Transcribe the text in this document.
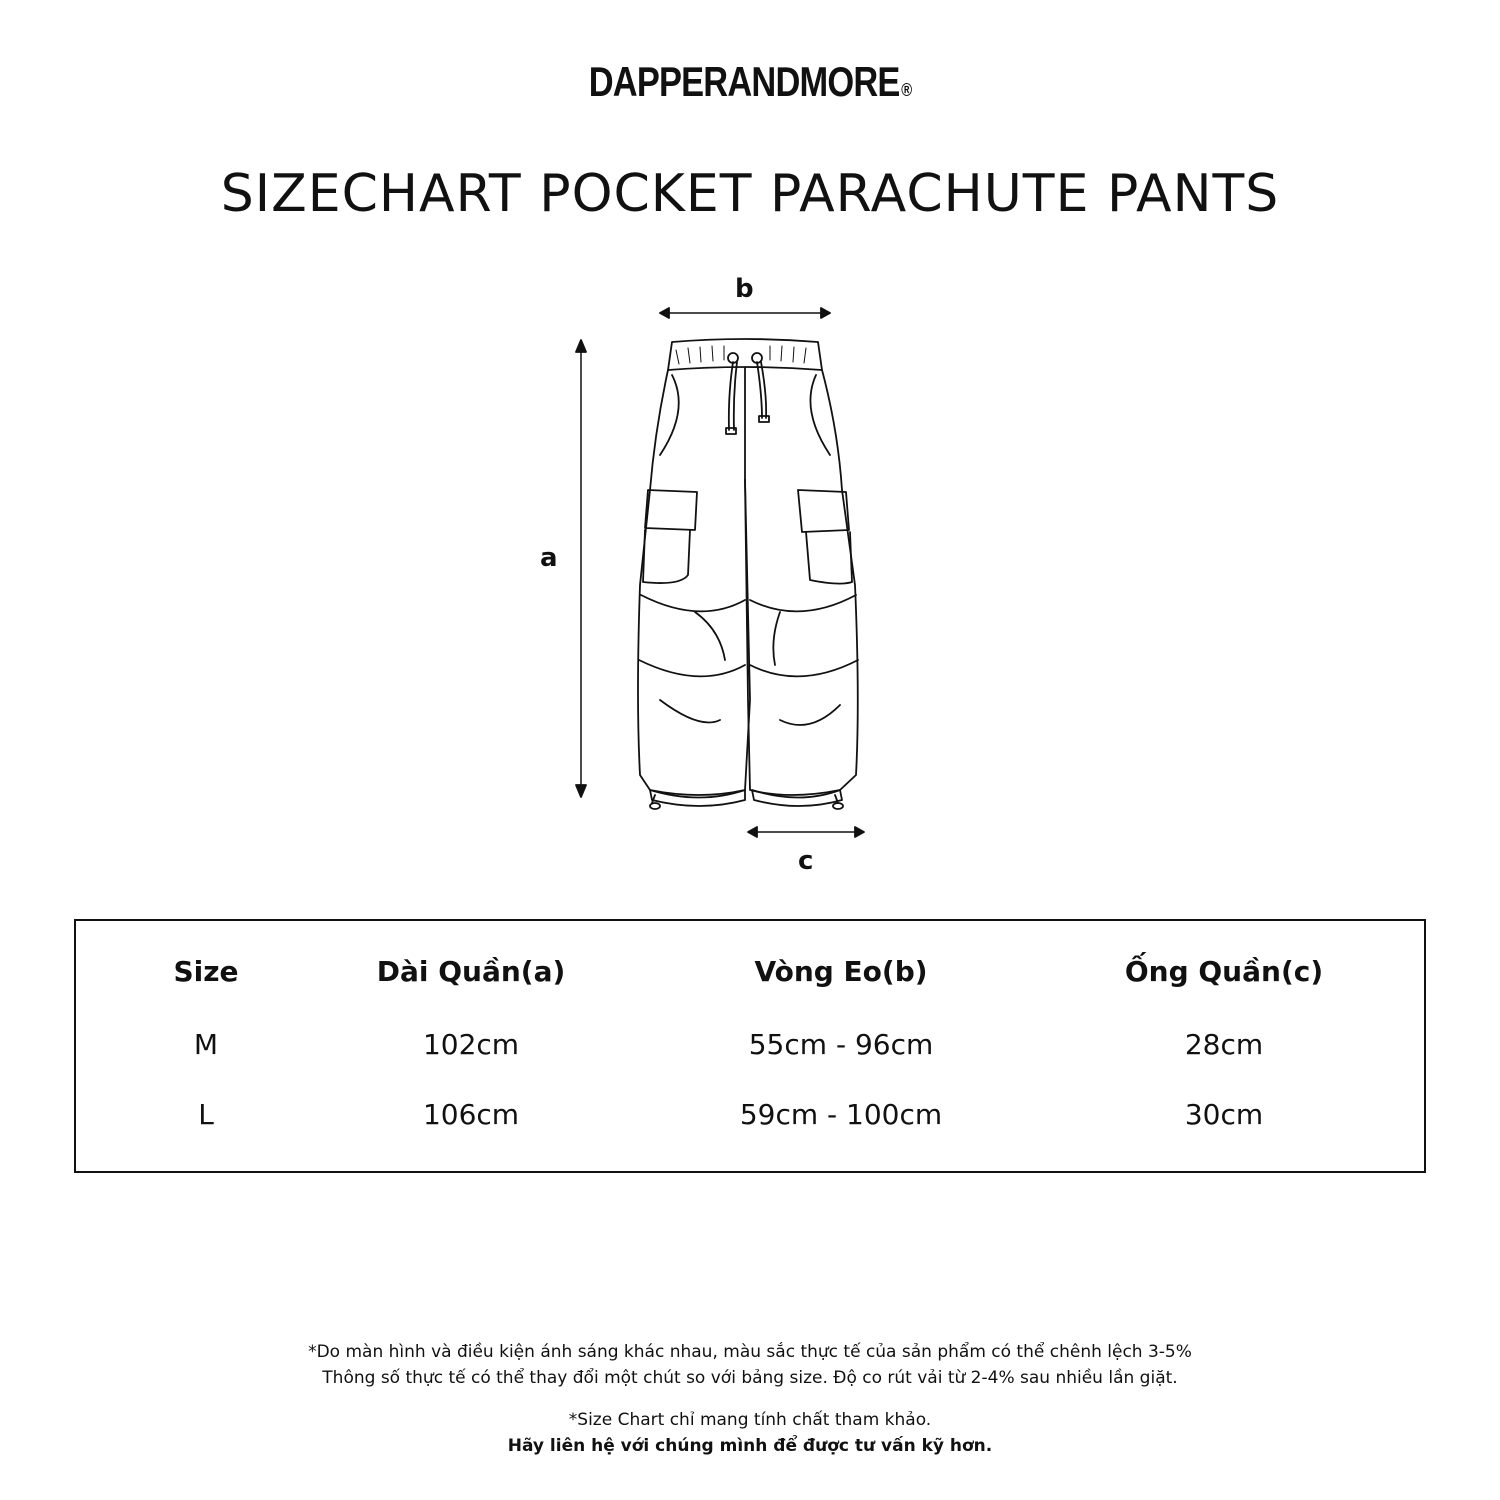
DAPPERANDMORE®
SIZECHART POCKET PARACHUTE PANTS
b
a
c
Size	Dài Quần(a)	Vòng Eo(b)	Ống Quần(c)
M	102cm	55cm - 96cm	28cm
L	106cm	59cm - 100cm	30cm

*Do màn hình và điều kiện ánh sáng khác nhau, màu sắc thực tế của sản phẩm có thể chênh lệch 3-5%

Thông số thực tế có thể thay đổi một chút so với bảng size. Độ co rút vải từ 2-4% sau nhiều lần giặt.

*Size Chart chỉ mang tính chất tham khảo.

Hãy liên hệ với chúng mình để được tư vấn kỹ hơn.
